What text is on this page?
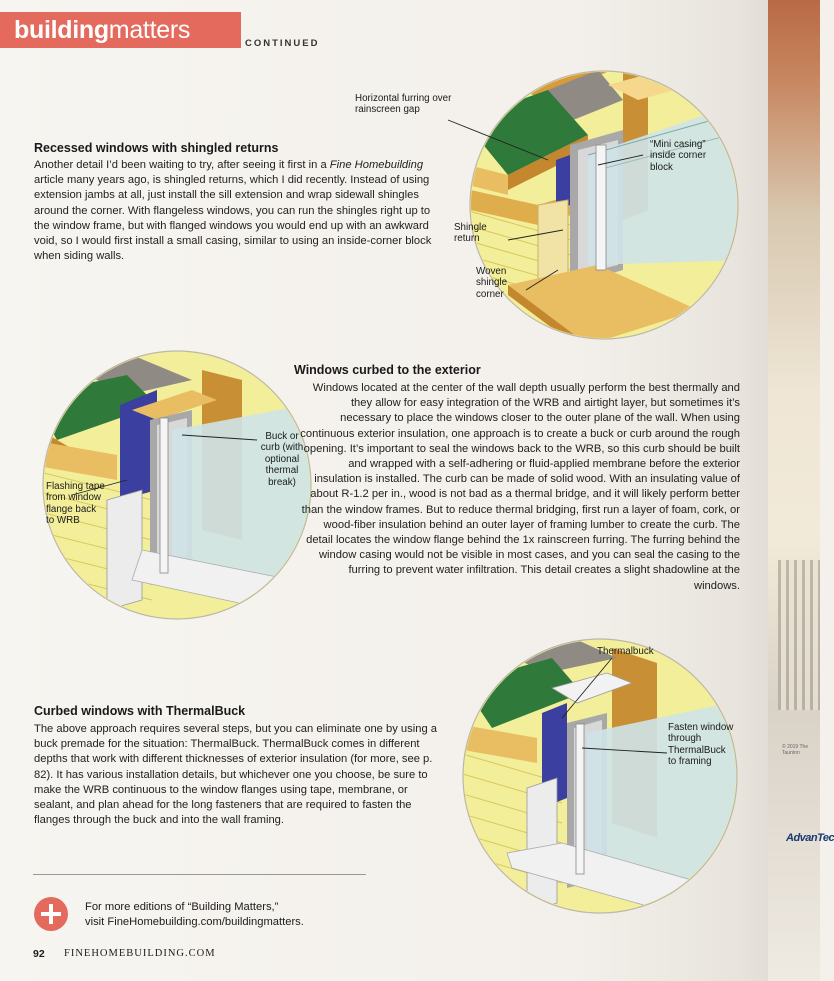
© 2019 The Taunton
AdvanTec
buildingmatters	CONTINUED
Horizontal furring over rainscreen gap
“Mini casing” inside corner block
Shingle return
Woven shingle corner
Recessed windows with shingled returns

Another detail I’d been waiting to try, after seeing it first in a Fine Homebuilding article many years ago, is shingled returns, which I did recently. Instead of using extension jambs at all, just install the sill extension and wrap sidewall shingles around the corner. With flangeless windows, you can run the shingles right up to the window frame, but with flanged windows you would end up with an awkward void, so I would first install a small casing, similar to using an inside-corner block when siding walls.

Buck or curb (with optional thermal break)
Flashing tape from window flange back to WRB
Windows curbed to the exterior

Windows located at the center of the wall depth usually perform the best thermally and they allow for easy integration of the WRB and airtight layer, but sometimes it’s necessary to place the windows closer to the outer plane of the wall. When using continuous exterior insulation, one approach is to create a buck or curb around the rough opening. It’s important to seal the windows back to the WRB, so this curb should be built and wrapped with a self-adhering or fluid-applied membrane before the exterior insulation is installed. The curb can be made of solid wood. With an insulating value of about R-1.2 per in., wood is not bad as a thermal bridge, and it will likely perform better than the window frames. But to reduce thermal bridging, first run a layer of foam, cork, or wood-fiber insulation behind an outer layer of framing lumber to create the curb. The detail locates the window flange behind the 1x rainscreen furring. The furring behind the window casing would not be visible in most cases, and you can seal the casing to the furring to prevent water infiltration. This detail creates a slight shadowline at the windows.

Thermalbuck
Fasten window through ThermalBuck to framing
Curbed windows with ThermalBuck

The above approach requires several steps, but you can eliminate one by using a buck premade for the situation: ThermalBuck. ThermalBuck comes in different depths that work with different thicknesses of exterior insulation (for more, see p. 82). It has various installation details, but whichever one you choose, be sure to make the WRB continuous to the window flanges using tape, membrane, or sealant, and plan ahead for the long fasteners that are required to fasten the flanges through the buck and into the wall framing.

For more editions of “Building Matters,”
visit FineHomebuilding.com/buildingmatters.
92 FINEHOMEBUILDING.COM
